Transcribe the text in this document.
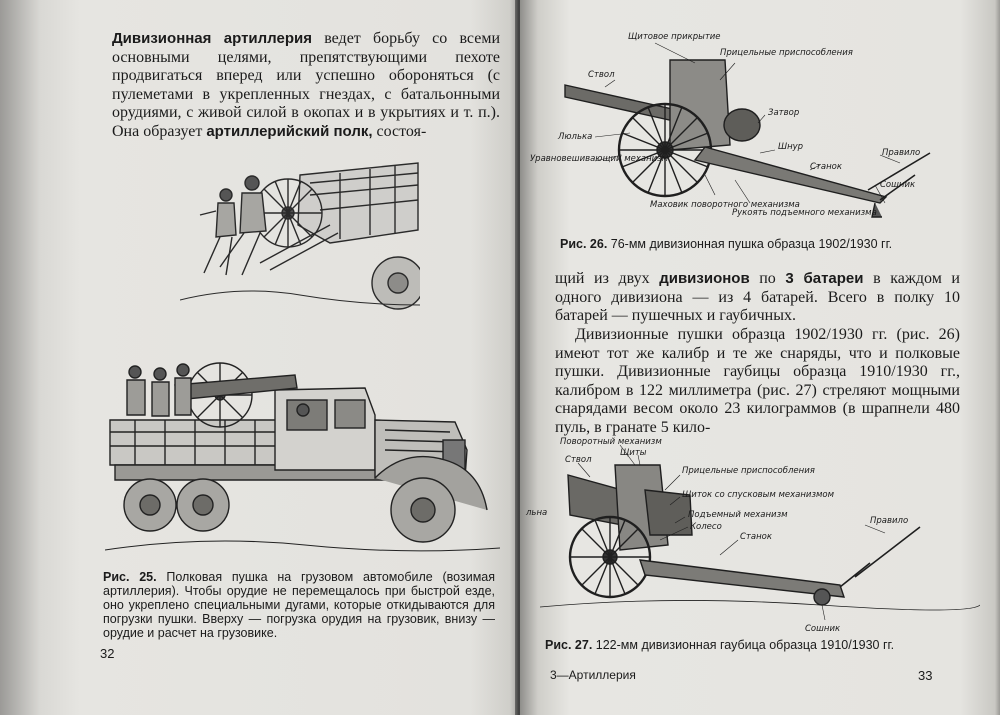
Дивизионная артиллерия ведет борьбу со всеми основными целями, препятствующими пехоте продвигаться вперед или успешно обороняться (с пулеметами в укрепленных гнездах, с батальонными орудиями, с живой силой в окопах и в укрытиях и т. п.). Она образует артиллерийский полк, состоя-

Рис. 25. Полковая пушка на грузовом автомобиле (возимая артиллерия). Чтобы орудие не перемещалось при быстрой езде, оно укреплено специальными дугами, которые откидываются для погрузки пушки. Вверху — погрузка орудия на грузовик, внизу — орудие и расчет на грузовике.

32
Щитовое прикрытие
Прицельные приспособления
Ствол
Затвор
Люлька
Уравновешивающий механизм
Шнур
Станок
Правило
Маховик поворотного механизма
Рукоять подъемного механизма
Сошник

Рис. 26. 76-мм дивизионная пушка образца 1902/1930 гг.

щий из двух дивизионов по 3 батареи в каждом и одного дивизиона — из 4 батарей. Всего в полку 10 батарей — пушечных и гаубичных.

Дивизионные пушки образца 1902/1930 гг. (рис. 26) имеют тот же калибр и те же снаряды, что и полковые пушки. Дивизионные гаубицы образца 1910/1930 гг., калибром в 122 миллиметра (рис. 27) стреляют мощными снарядами весом около 23 килограммов (в шрапнели 480 пуль, в гранате 5 кило-

Поворотный механизм
Ствол
Щиты
Прицельные приспособления
Щиток со спусковым механизмом
Подъемный механизм
Колесо
льна
Станок
Правило
Сошник

Рис. 27. 122-мм дивизионная гаубица образца 1910/1930 гг.

3—Артиллерия	33
